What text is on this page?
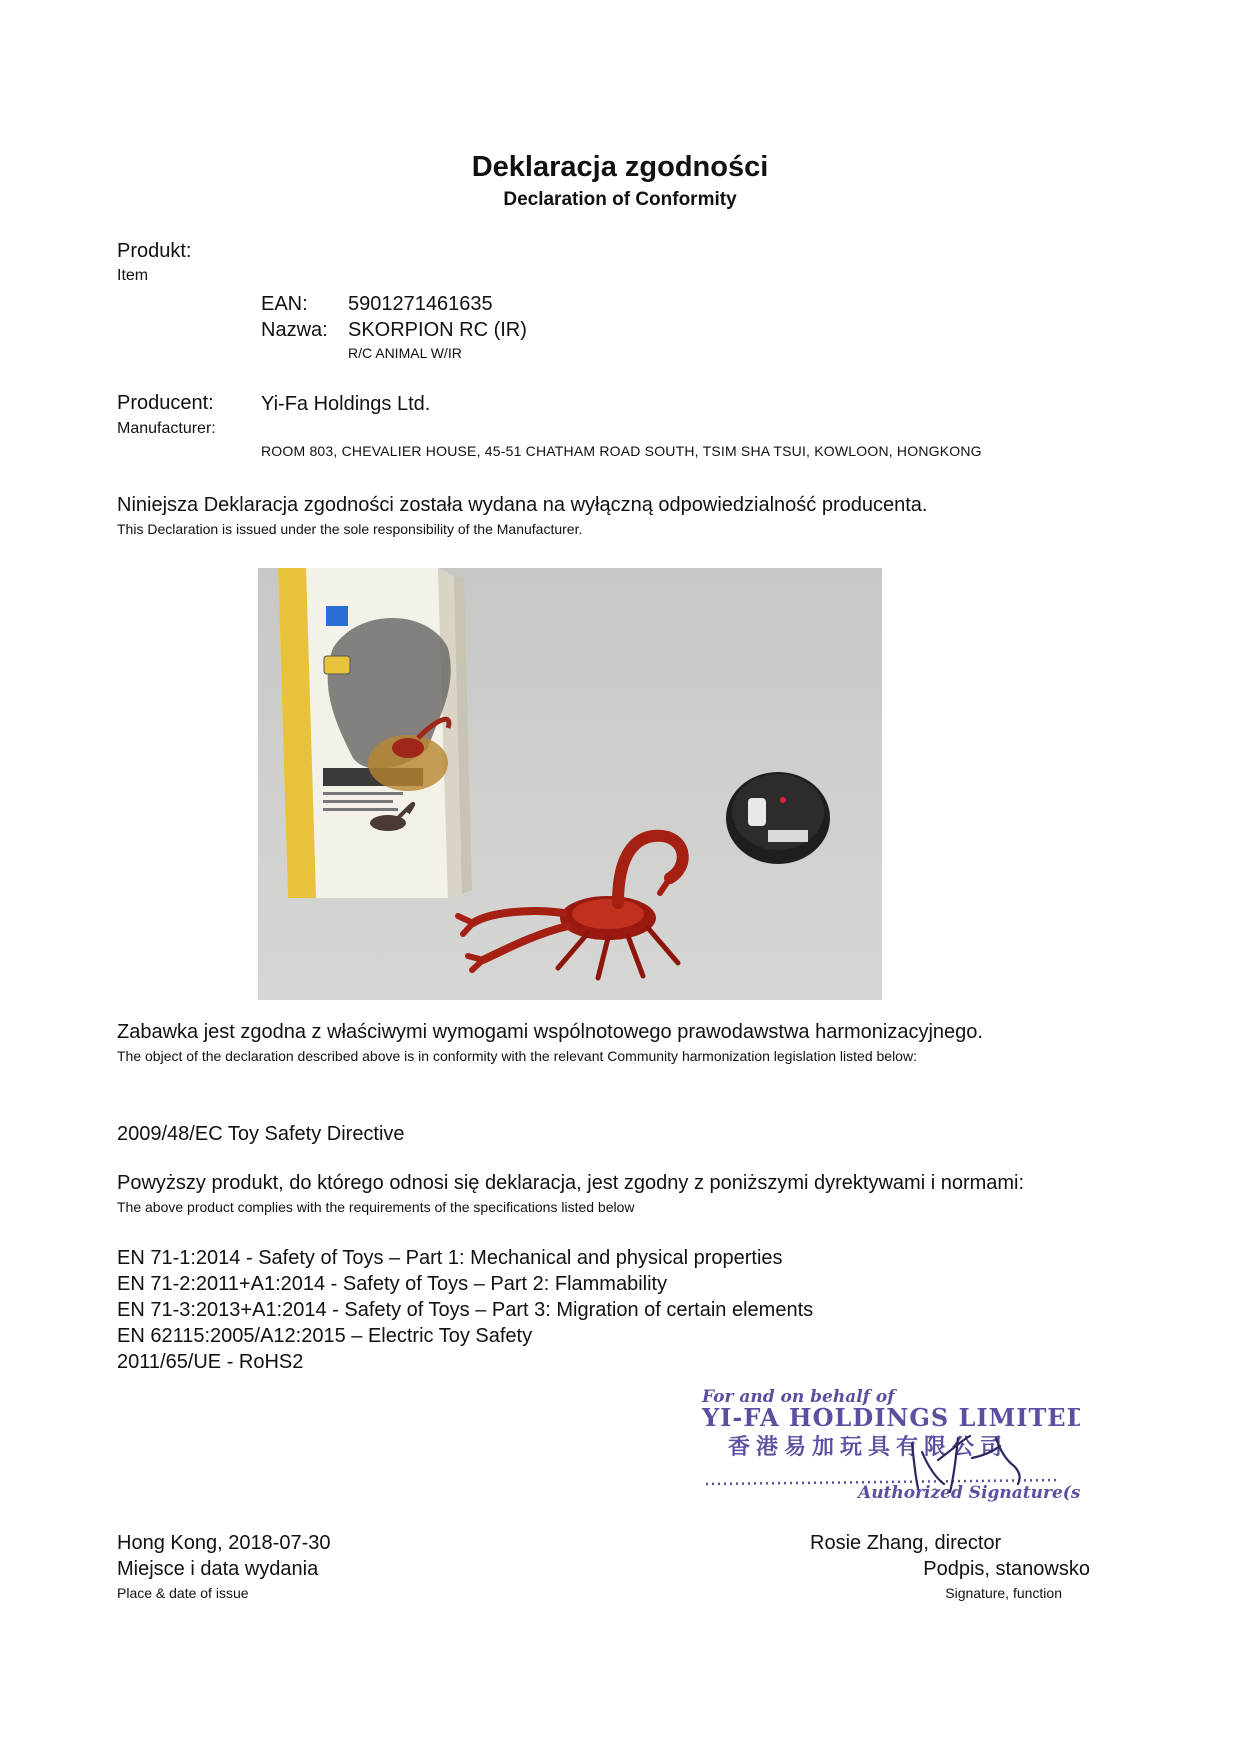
Deklaracja zgodności
Declaration of Conformity
Produkt:
Item
EAN: 5901271461635
Nazwa: SKORPION RC (IR)
R/C ANIMAL W/IR
Producent:
Manufacturer:
Yi-Fa Holdings Ltd.
ROOM 803, CHEVALIER HOUSE, 45-51 CHATHAM ROAD SOUTH, TSIM SHA TSUI, KOWLOON, HONGKONG
Niniejsza Deklaracja zgodności została wydana na wyłączną odpowiedzialność producenta.
This Declaration is issued under the sole responsibility of the Manufacturer.
Zabawka jest zgodna z właściwymi wymogami wspólnotowego prawodawstwa harmonizacyjnego.
The object of the declaration described above is in conformity with the relevant Community harmonization legislation listed below:
2009/48/EC Toy Safety Directive
Powyższy produkt, do którego odnosi się deklaracja, jest zgodny z poniższymi dyrektywami i normami:
The above product complies with the requirements of the specifications listed below
EN 71-1:2014 - Safety of Toys – Part 1: Mechanical and physical properties
EN 71-2:2011+A1:2014 - Safety of Toys – Part 2: Flammability
EN 71-3:2013+A1:2014 - Safety of Toys – Part 3: Migration of certain elements
EN 62115:2005/A12:2015 – Electric Toy Safety
2011/65/UE - RoHS2
For and on behalf of
YI-FA HOLDINGS LIMITED
香港易加玩具有限公司
Authorized Signature(s)
Hong Kong, 2018-07-30
Miejsce i data wydania
Place & date of issue
Rosie Zhang, director
Podpis, stanowsko
Signature, function
